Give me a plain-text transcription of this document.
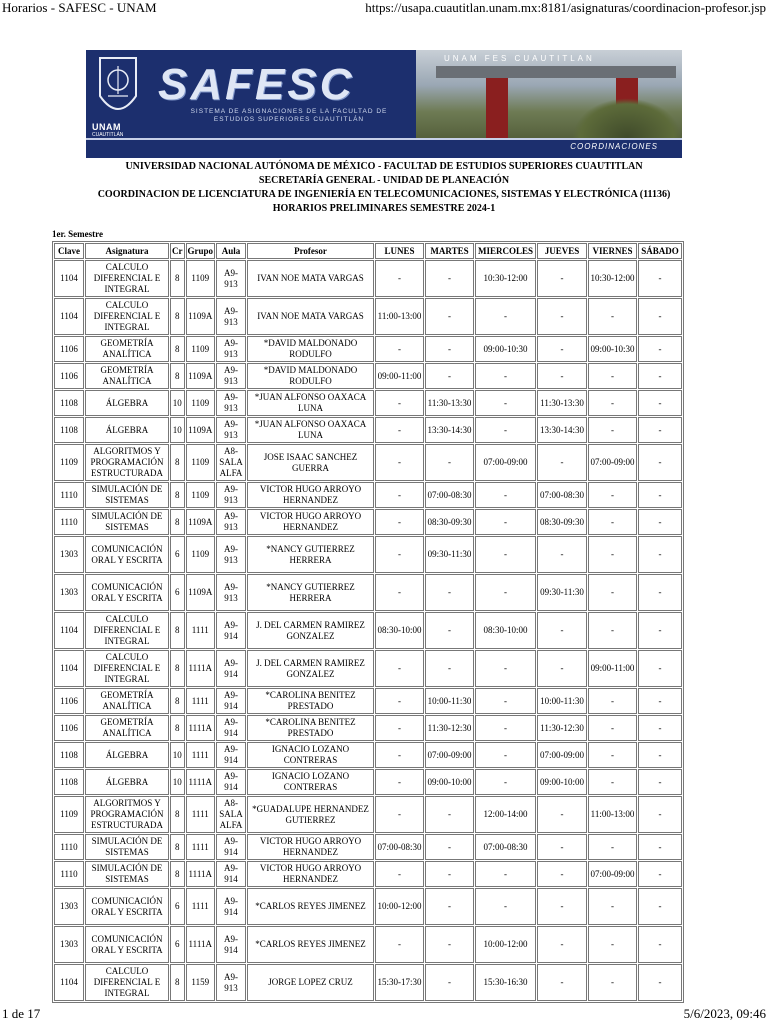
Horarios - SAFESC - UNAM	https://usapa.cuautitlan.unam.mx:8181/asignaturas/coordinacion-profesor.jsp
UNAM
CUAUTITLÁN
SAFESC
SISTEMA DE ASIGNACIONES DE LA FACULTAD DE ESTUDIOS SUPERIORES CUAUTITLÁN
UNAM FES CUAUTITLAN
COORDINACIONES
UNIVERSIDAD NACIONAL AUTÓNOMA DE MÉXICO - FACULTAD DE ESTUDIOS SUPERIORES CUAUTITLAN
SECRETARÍA GENERAL - UNIDAD DE PLANEACIÓN
COORDINACION DE LICENCIATURA DE INGENIERÍA EN TELECOMUNICACIONES, SISTEMAS Y ELECTRÓNICA (11136)
HORARIOS PRELIMINARES SEMESTRE 2024-1
1er. Semestre
Clave	Asignatura	Cr	Grupo	Aula	Profesor	LUNES	MARTES	MIERCOLES	JUEVES	VIERNES	SÁBADO
1104	CALCULO DIFERENCIAL E INTEGRAL	8	1109	A9-913	IVAN NOE MATA VARGAS	-	-	10:30-12:00	-	10:30-12:00	-
1104	CALCULO DIFERENCIAL E INTEGRAL	8	1109A	A9-913	IVAN NOE MATA VARGAS	11:00-13:00	-	-	-	-	-
1106	GEOMETRÍA ANALÍTICA	8	1109	A9-913	*DAVID MALDONADO RODULFO	-	-	09:00-10:30	-	09:00-10:30	-
1106	GEOMETRÍA ANALÍTICA	8	1109A	A9-913	*DAVID MALDONADO RODULFO	09:00-11:00	-	-	-	-	-
1108	ÁLGEBRA	10	1109	A9-913	*JUAN ALFONSO OAXACA LUNA	-	11:30-13:30	-	11:30-13:30	-	-
1108	ÁLGEBRA	10	1109A	A9-913	*JUAN ALFONSO OAXACA LUNA	-	13:30-14:30	-	13:30-14:30	-	-
1109	ALGORITMOS Y PROGRAMACIÓN ESTRUCTURADA	8	1109	A8-SALA ALFA	JOSE ISAAC SANCHEZ GUERRA	-	-	07:00-09:00	-	07:00-09:00	-
1110	SIMULACIÓN DE SISTEMAS	8	1109	A9-913	VICTOR HUGO ARROYO HERNANDEZ	-	07:00-08:30	-	07:00-08:30	-	-
1110	SIMULACIÓN DE SISTEMAS	8	1109A	A9-913	VICTOR HUGO ARROYO HERNANDEZ	-	08:30-09:30	-	08:30-09:30	-	-
1303	COMUNICACIÓN ORAL Y ESCRITA	6	1109	A9-913	*NANCY GUTIERREZ HERRERA	-	09:30-11:30	-	-	-	-
1303	COMUNICACIÓN ORAL Y ESCRITA	6	1109A	A9-913	*NANCY GUTIERREZ HERRERA	-	-	-	09:30-11:30	-	-
1104	CALCULO DIFERENCIAL E INTEGRAL	8	1111	A9-914	J. DEL CARMEN RAMIREZ GONZALEZ	08:30-10:00	-	08:30-10:00	-	-	-
1104	CALCULO DIFERENCIAL E INTEGRAL	8	1111A	A9-914	J. DEL CARMEN RAMIREZ GONZALEZ	-	-	-	-	09:00-11:00	-
1106	GEOMETRÍA ANALÍTICA	8	1111	A9-914	*CAROLINA BENITEZ PRESTADO	-	10:00-11:30	-	10:00-11:30	-	-
1106	GEOMETRÍA ANALÍTICA	8	1111A	A9-914	*CAROLINA BENITEZ PRESTADO	-	11:30-12:30	-	11:30-12:30	-	-
1108	ÁLGEBRA	10	1111	A9-914	IGNACIO LOZANO CONTRERAS	-	07:00-09:00	-	07:00-09:00	-	-
1108	ÁLGEBRA	10	1111A	A9-914	IGNACIO LOZANO CONTRERAS	-	09:00-10:00	-	09:00-10:00	-	-
1109	ALGORITMOS Y PROGRAMACIÓN ESTRUCTURADA	8	1111	A8-SALA ALFA	*GUADALUPE HERNANDEZ GUTIERREZ	-	-	12:00-14:00	-	11:00-13:00	-
1110	SIMULACIÓN DE SISTEMAS	8	1111	A9-914	VICTOR HUGO ARROYO HERNANDEZ	07:00-08:30	-	07:00-08:30	-	-	-
1110	SIMULACIÓN DE SISTEMAS	8	1111A	A9-914	VICTOR HUGO ARROYO HERNANDEZ	-	-	-	-	07:00-09:00	-
1303	COMUNICACIÓN ORAL Y ESCRITA	6	1111	A9-914	*CARLOS REYES JIMENEZ	10:00-12:00	-	-	-	-	-
1303	COMUNICACIÓN ORAL Y ESCRITA	6	1111A	A9-914	*CARLOS REYES JIMENEZ	-	-	10:00-12:00	-	-	-
1104	CALCULO DIFERENCIAL E INTEGRAL	8	1159	A9-913	JORGE LOPEZ CRUZ	15:30-17:30	-	15:30-16:30	-	-	-
1 de 17	5/6/2023, 09:46
